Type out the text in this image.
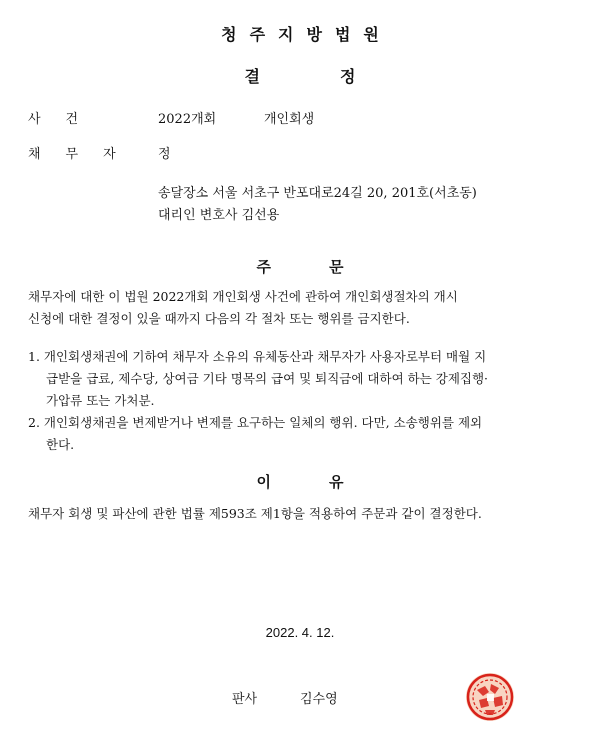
청주지방법원
결정
사건	2022개회	개인회생
채무자 정
송달장소 서울 서초구 반포대로24길 20, 201호(서초동)
대리인 변호사 김선용
주문
채무자에 대한 이 법원 2022개회 개인회생 사건에 관하여 개인회생절차의 개시
신청에 대한 결정이 있을 때까지 다음의 각 절차 또는 행위를 금지한다.
1. 개인회생채권에 기하여 채무자 소유의 유체동산과 채무자가 사용자로부터 매월 지
급받을 급료, 제수당, 상여금 기타 명목의 급여 및 퇴직금에 대하여 하는 강제집행·
가압류 또는 가처분.
2. 개인회생채권을 변제받거나 변제를 요구하는 일체의 행위. 다만, 소송행위를 제외
한다.
이유
채무자 회생 및 파산에 관한 법률 제593조 제1항을 적용하여 주문과 같이 결정한다.
2022. 4. 12.
판사	김수영
